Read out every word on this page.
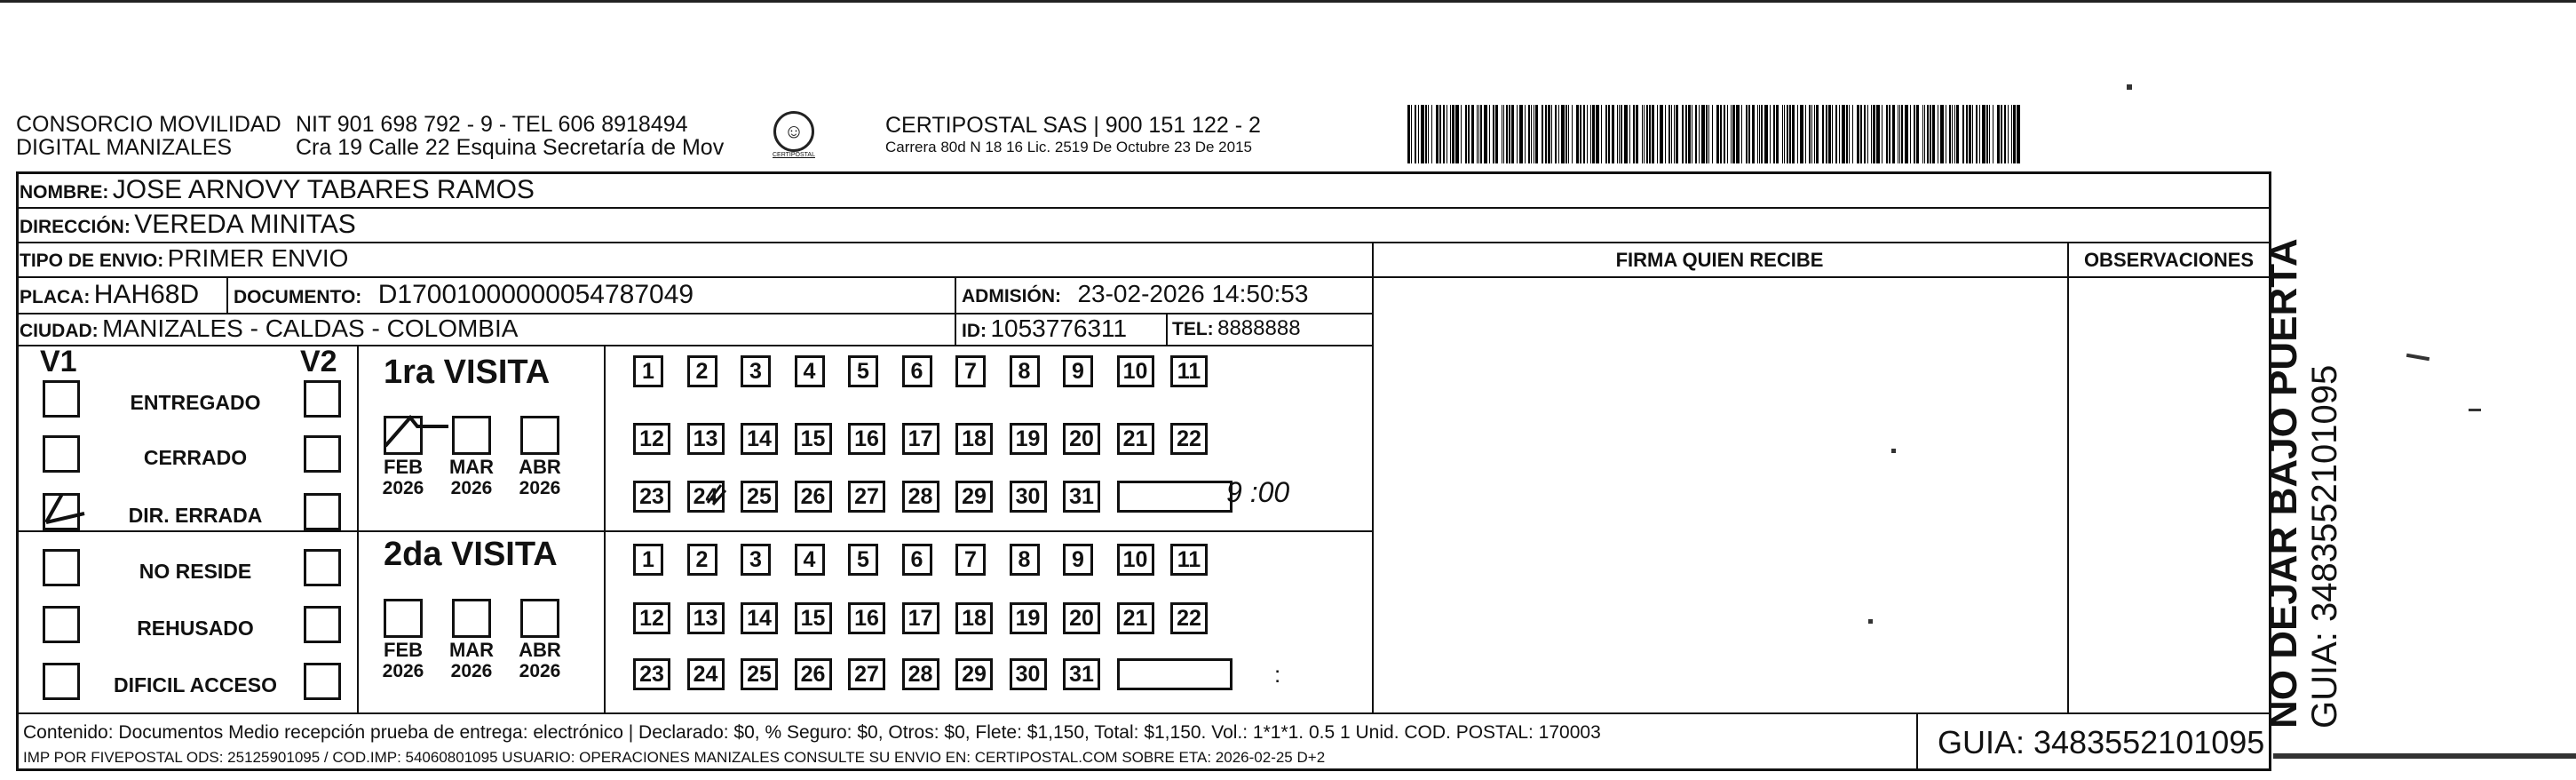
CONSORCIO MOVILIDAD
DIGITAL MANIZALES
NIT 901 698 792 - 9 - TEL 606 8918494
Cra 19 Calle 22 Esquina Secretaría de Mov
☺
CERTIPOSTAL
CERTIPOSTAL SAS | 900 151 122 - 2
Carrera 80d N 18 16 Lic. 2519 De Octubre 23 De 2015
NOMBRE: JOSE ARNOVY TABARES RAMOS
DIRECCIÓN: VEREDA MINITAS
TIPO DE ENVIO: PRIMER ENVIO	FIRMA QUIEN RECIBE	OBSERVACIONES
PLACA: HAH68D DOCUMENTO: D17001000000054787049	ADMISIÓN: 23-02-2026 14:50:53
CIUDAD: MANIZALES - CALDAS - COLOMBIA	ID: 1053776311 TEL: 8888888
V1	V2 1ra VISITA
2da VISITA
ENTREGADO
CERRADO
DIR. ERRADA
NO RESIDE
REHUSADO
DIFICIL ACCESO
FEB
2026
MAR
2026
ABR
2026
FEB
2026
MAR
2026
ABR
2026
1	2	3	4	5	6	7	8	9	10	11
12 13 14 15 16 17 18 19 20 21 22
23 24 25 26 27 28 29 30 31
1	2	3	4	5	6	7	8	9	10	11
12 13 14 15 16 17 18 19 20 21 22
23 24 25 26 27 28 29 30 31
9 :00
:
Contenido: Documentos Medio recepción prueba de entrega: electrónico | Declarado: $0, % Seguro: $0, Otros: $0, Flete: $1,150, Total: $1,150. Vol.: 1*1*1. 0.5 1 Unid. COD. POSTAL: 170003
IMP POR FIVEPOSTAL ODS: 25125901095 / COD.IMP: 54060801095 USUARIO: OPERACIONES MANIZALES CONSULTE SU ENVIO EN: CERTIPOSTAL.COM SOBRE ETA: 2026-02-25 D+2	GUIA: 3483552101095
NO DEJAR BAJO PUERTA GUIA: 3483552101095
